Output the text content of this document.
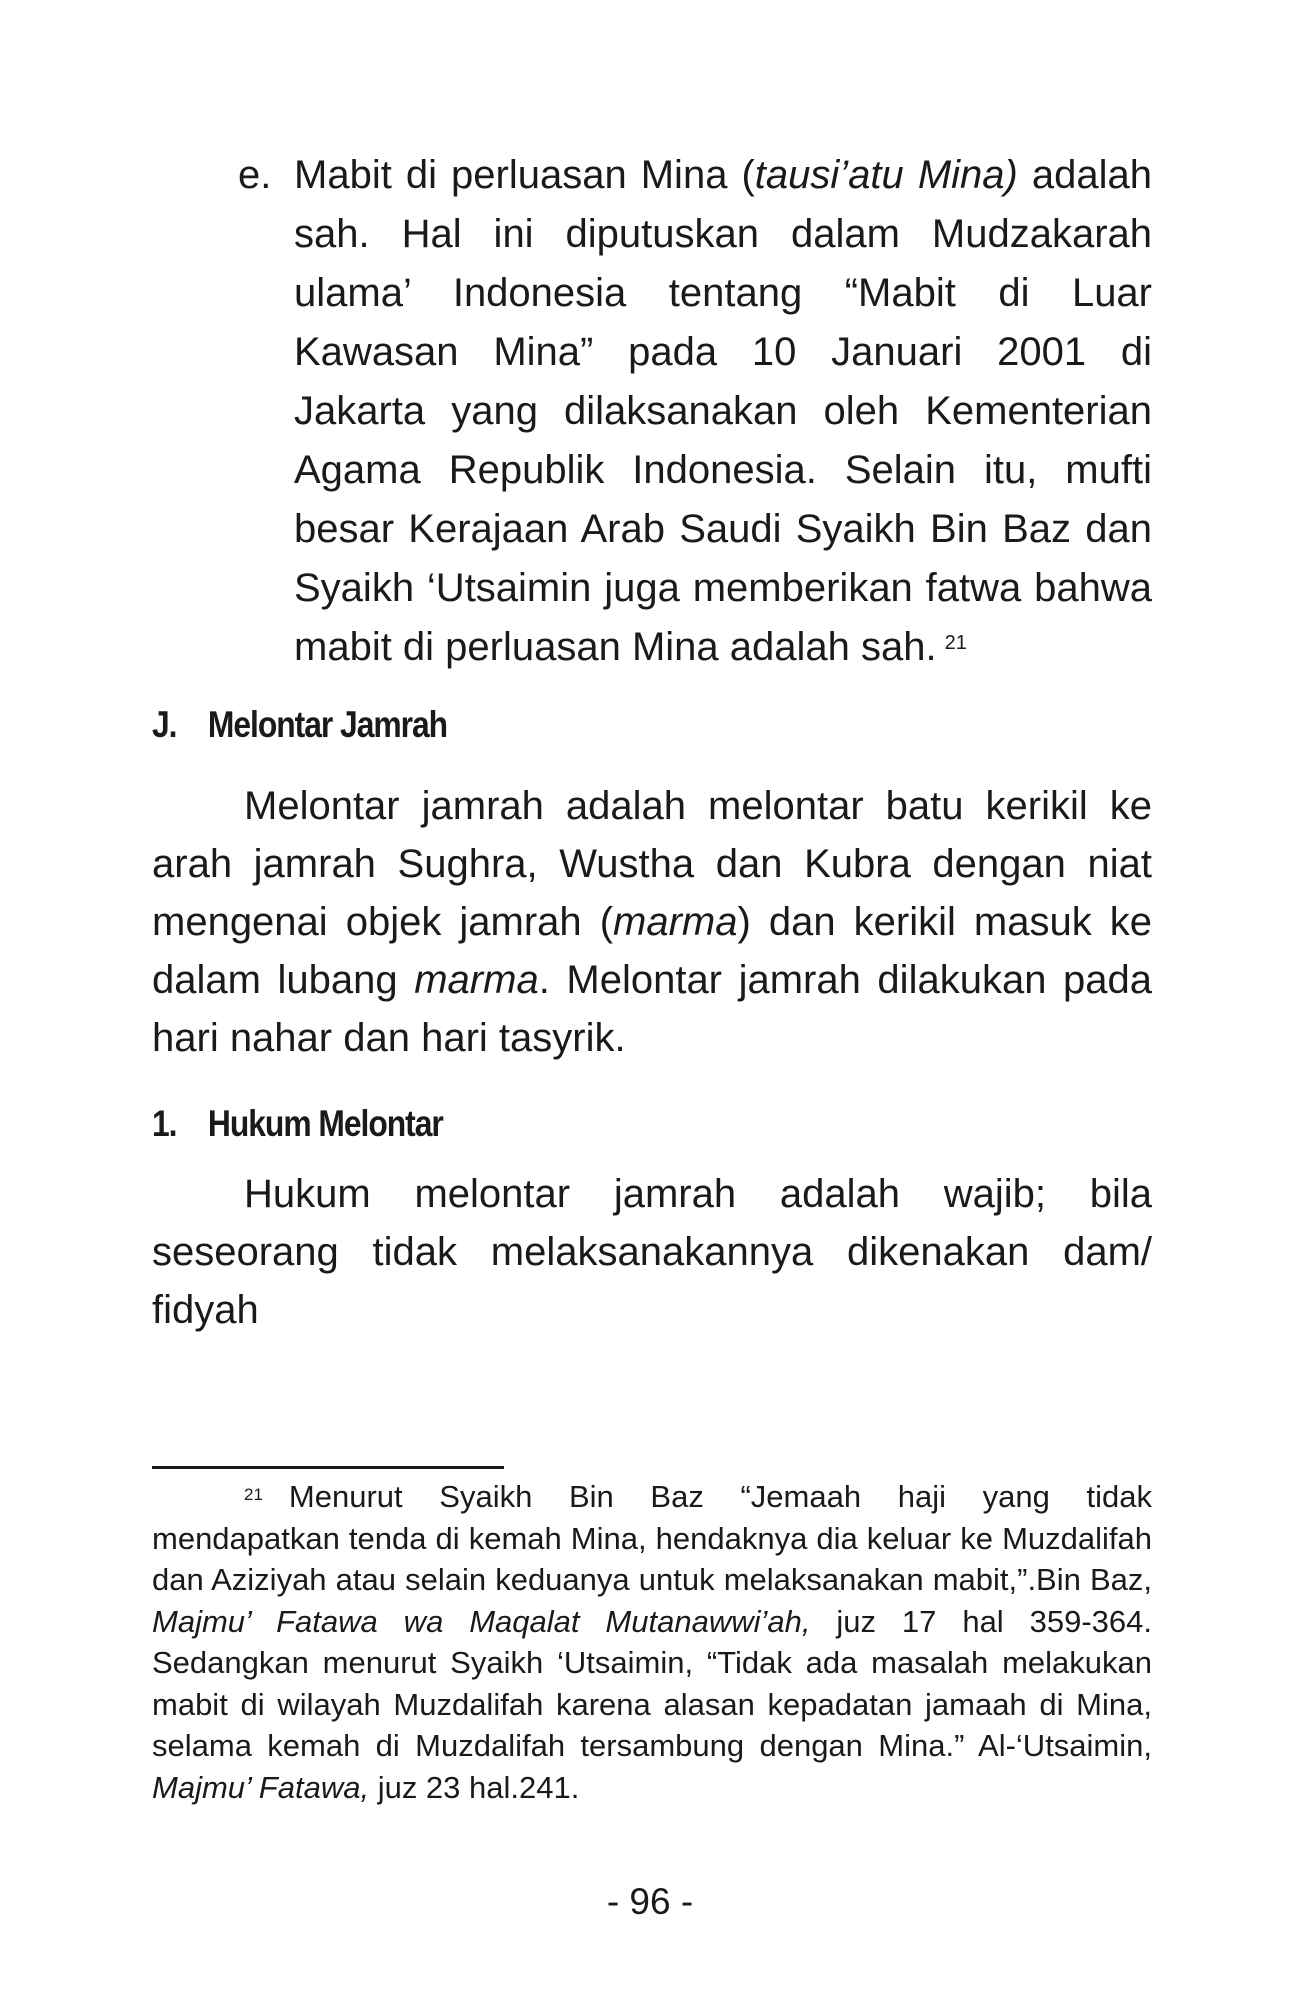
e. Mabit di perluasan Mina (tausi’atu Mina) adalah sah. Hal ini diputuskan dalam Mudzakarah ulama’ Indonesia tentang “Mabit di Luar Kawasan Mina” pada 10 Januari 2001 di Jakarta yang dilaksanakan oleh Kementerian Agama Republik Indonesia. Selain itu, mufti besar Kerajaan Arab Saudi Syaikh Bin Baz dan Syaikh ‘Utsaimin juga memberikan fatwa bahwa mabit di perluasan Mina adalah sah. $^{21}$
J. Melontar Jamrah

Melontar jamrah adalah melontar batu kerikil ke arah jamrah Sughra, Wustha dan Kubra dengan niat mengenai objek jamrah (marma) dan kerikil masuk ke dalam lubang marma. Melontar jamrah dilakukan pada hari nahar dan hari tasyrik.

1. Hukum Melontar

Hukum melontar jamrah adalah wajib; bila seseorang tidak melaksanakannya dikenakan dam/ fidyah

$^{21}$ Menurut Syaikh Bin Baz “Jemaah haji yang tidak mendapatkan tenda di kemah Mina, hendaknya dia keluar ke Muzdalifah dan Aziziyah atau selain keduanya untuk melaksanakan mabit,”.Bin Baz, Majmu’ Fatawa wa Maqalat Mutanawwi’ah, juz 17 hal 359-364. Sedangkan menurut Syaikh ‘Utsaimin, “Tidak ada masalah melakukan mabit di wilayah Muzdalifah karena alasan kepadatan jamaah di Mina, selama kemah di Muzdalifah tersambung dengan Mina.” Al-‘Utsaimin, Majmu’ Fatawa, juz 23 hal.241.

- 96 -
